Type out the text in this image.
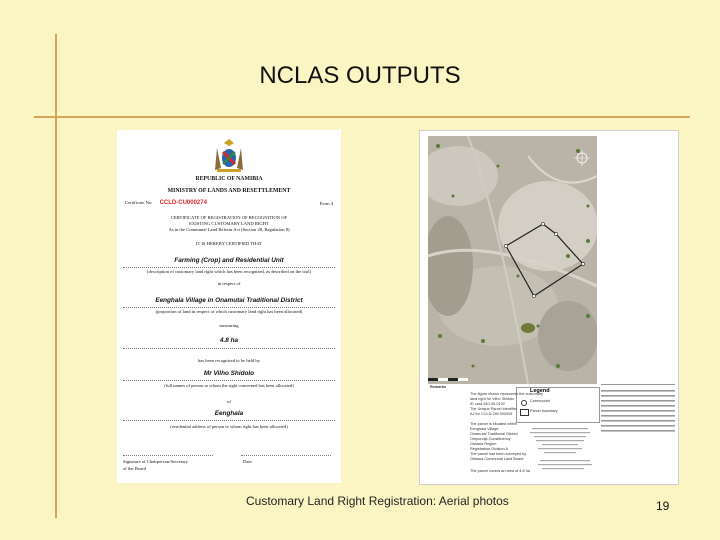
NCLAS OUTPUTS
REPUBLIC OF NAMIBIA
MINISTRY OF LANDS AND RESETTLEMENT
Certificate No: CCLD-CU000274	Form 4
CERTIFICATE OF REGISTRATION OF RECOGNITION OF
EXISTING CUSTOMARY LAND RIGHT
As in the Communal Land Reform Act (Section 28, Regulation 8)
IT IS HEREBY CERTIFIED THAT
Farming (Crop) and Residential Unit
(description of customary land right which has been recognized, as described on the tool)
in respect of
Eenghala Village in Onamutai Traditional District
(proportion of land in respect of which customary land right has been allocated)
measuring
4.8 ha
has been recognised to be held by
Mr Vilho Shidolo
(full names of person to whom the right concerned has been allocated)
of
Eenghala
(residential address of person to whom right has been allocated)
Signature of Chairperson/Secretary
of the Board
Date
Legend
Cornerpoint
Parcel boundary
Remarks
The figure shown represents the customary
land right for Vilho Shidolo
ID card 340-39-0192
The Unique Parcel Identifier
AJ for CCLD-OM 000005
The parcel is situated within
Eenghala Village
Onamutai Traditional District
Ompundja Constituency
Oshana Region
Registration Division A
The parcel has been surveyed by
Oshana Communal Land Board
The parcel covers an area of 4.8 ha
Customary Land Right Registration: Aerial photos	19
